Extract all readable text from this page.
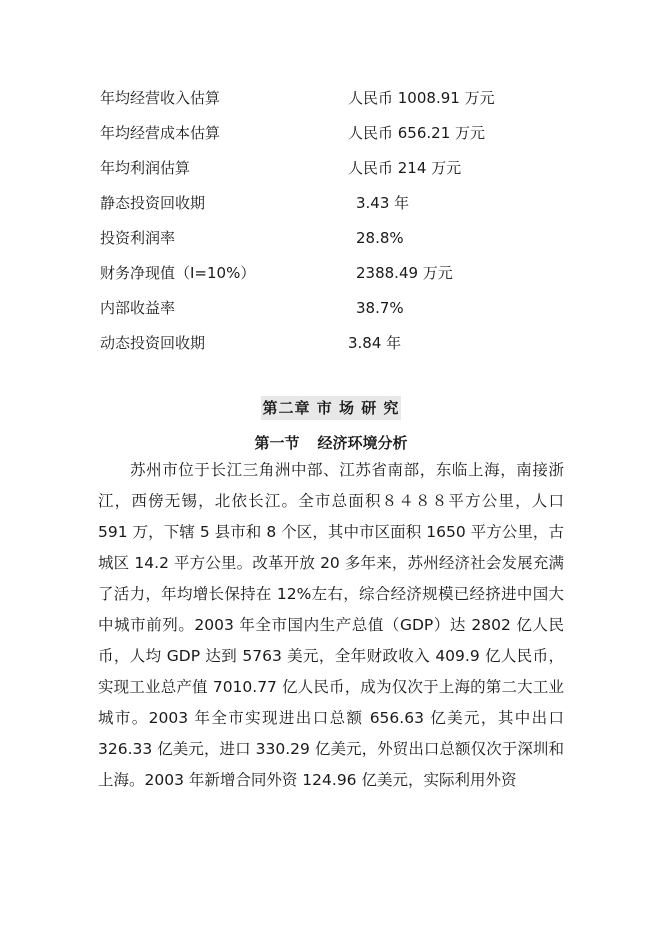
年均经营收入估算	人民币 1008.91 万元
年均经营成本估算	人民币 656.21 万元
年均利润估算	人民币 214 万元
静态投资回收期	3.43 年
投资利润率	28.8%
财务净现值（I=10%）	2388.49 万元
内部收益率	38.7%
动态投资回收期	3.84 年
第二章 市 场 研 究
第一节 经济环境分析

苏州市位于长江三角洲中部、江苏省南部，东临上海，南接浙江，西傍无锡，北依长江。全市总面积８４８８平方公里，人口 591 万，下辖 5 县市和 8 个区，其中市区面积 1650 平方公里，古城区 14.2 平方公里。改革开放 20 多年来，苏州经济社会发展充满了活力，年均增长保持在 12%左右，综合经济规模已经挤进中国大中城市前列。2003 年全市国内生产总值（GDP）达 2802 亿人民币，人均 GDP 达到 5763 美元，全年财政收入 409.9 亿人民币，实现工业总产值 7010.77 亿人民币，成为仅次于上海的第二大工业城市。2003 年全市实现进出口总额 656.63 亿美元，其中出口 326.33 亿美元，进口 330.29 亿美元，外贸出口总额仅次于深圳和上海。2003 年新增合同外资 124.96 亿美元，实际利用外资
